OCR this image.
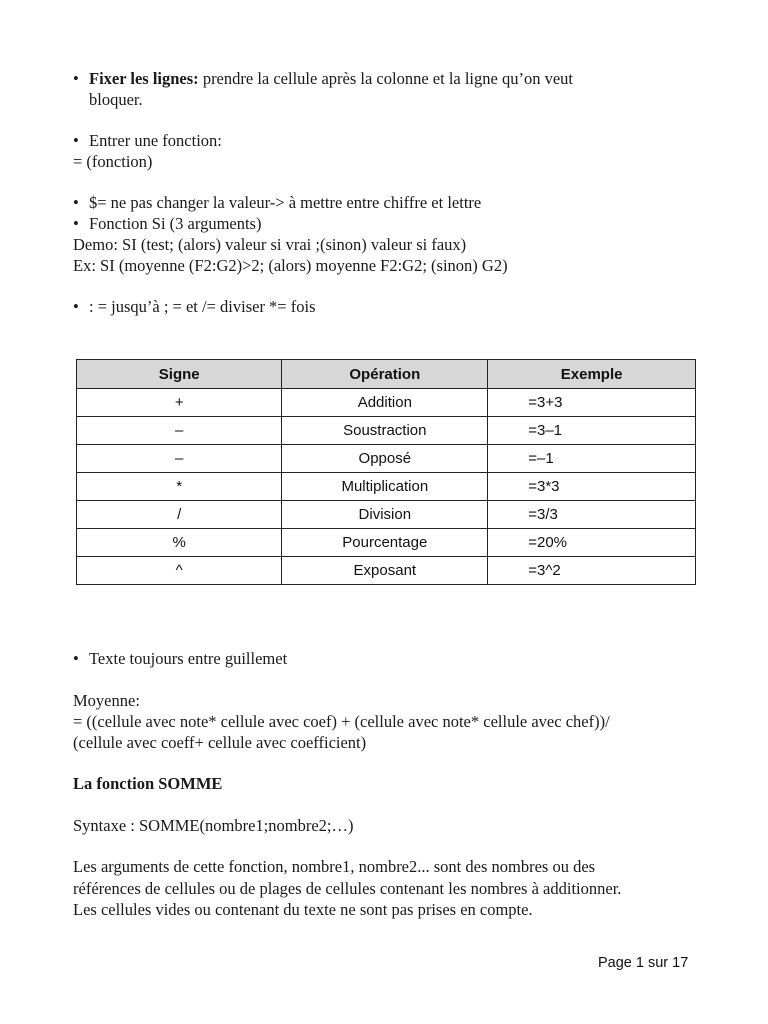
• Fixer les lignes: prendre la cellule après la colonne et la ligne qu’on veut
bloquer.
• Entrer une fonction:
= (fonction)
• $= ne pas changer la valeur-> à mettre entre chiffre et lettre
• Fonction Si (3 arguments)
Demo: SI (test; (alors) valeur si vrai ;(sinon) valeur si faux)
Ex: SI (moyenne (F2:G2)>2; (alors) moyenne F2:G2; (sinon) G2)
• : = jusqu’à ; = et /= diviser *= fois
Signe	Opération	Exemple
+	Addition	=3+3
–	Soustraction	=3–1
–	Opposé	=–1
*	Multiplication	=3*3
/	Division	=3/3
%	Pourcentage	=20%
^	Exposant	=3^2
• Texte toujours entre guillemet
Moyenne:
= ((cellule avec note* cellule avec coef) + (cellule avec note* cellule avec chef))/
(cellule avec coeff+ cellule avec coefficient)
La fonction SOMME
Syntaxe : SOMME(nombre1;nombre2;…)
Les arguments de cette fonction, nombre1, nombre2... sont des nombres ou des
références de cellules ou de plages de cellules contenant les nombres à additionner.
Les cellules vides ou contenant du texte ne sont pas prises en compte.
Page 1 sur 17
